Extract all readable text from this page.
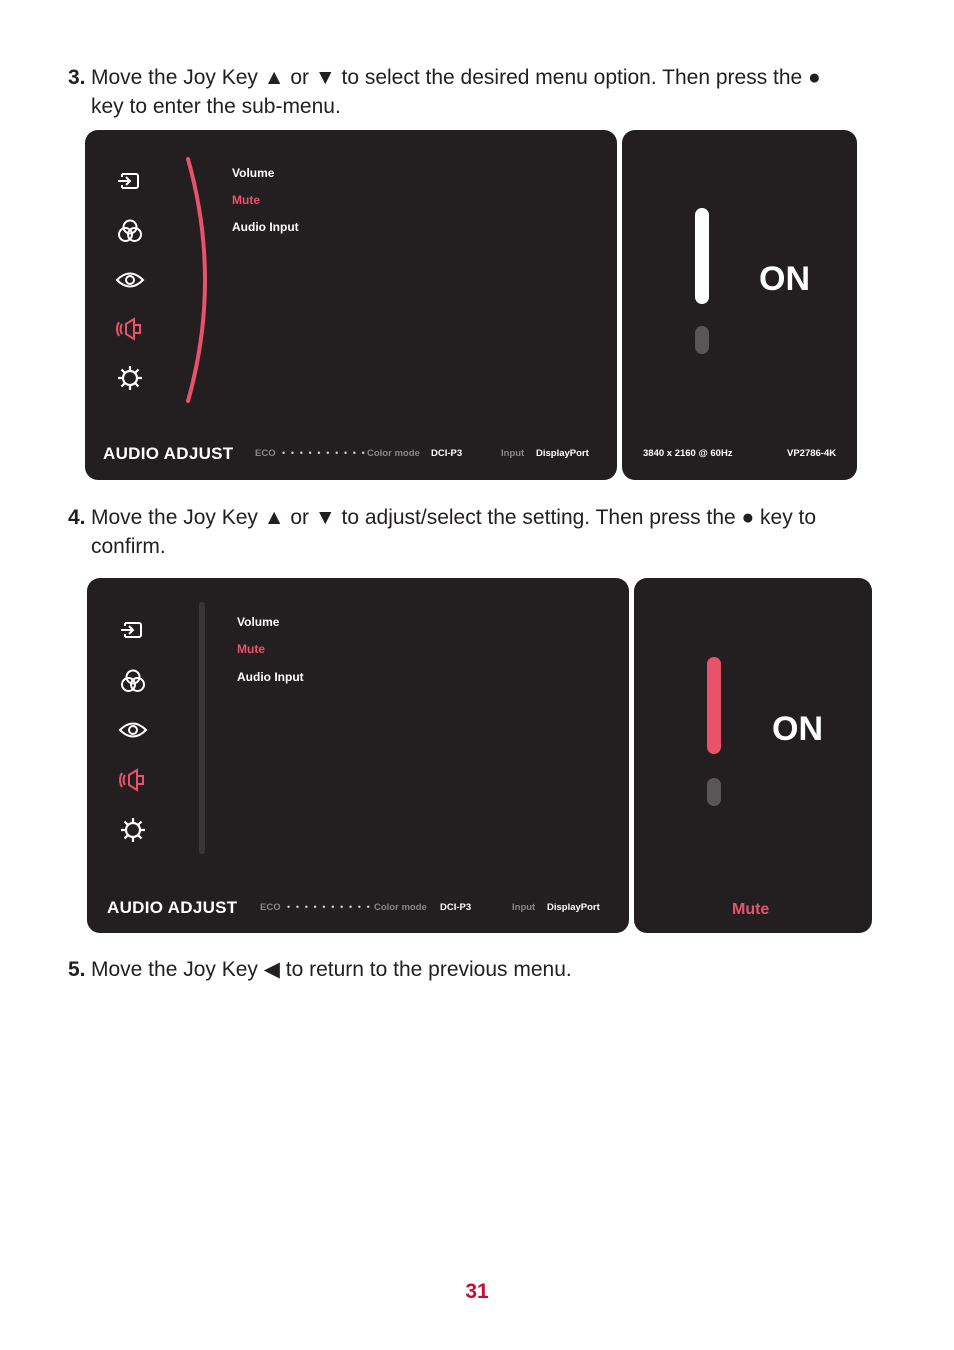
3. Move the Joy Key ▲ or ▼ to select the desired menu option. Then press the ●
key to enter the sub-menu.
Volume
Mute
Audio Input
AUDIO ADJUST ECO • • • • • • • • • • Color mode DCI-P3	Input DisplayPort
ON
3840 x 2160 @ 60Hz	VP2786-4K
4. Move the Joy Key ▲ or ▼ to adjust/select the setting. Then press the ● key to
confirm.
Volume
Mute
Audio Input
AUDIO ADJUST ECO • • • • • • • • • • Color mode DCI-P3	Input DisplayPort
ON
Mute
5. Move the Joy Key ◀ to return to the previous menu.
31
